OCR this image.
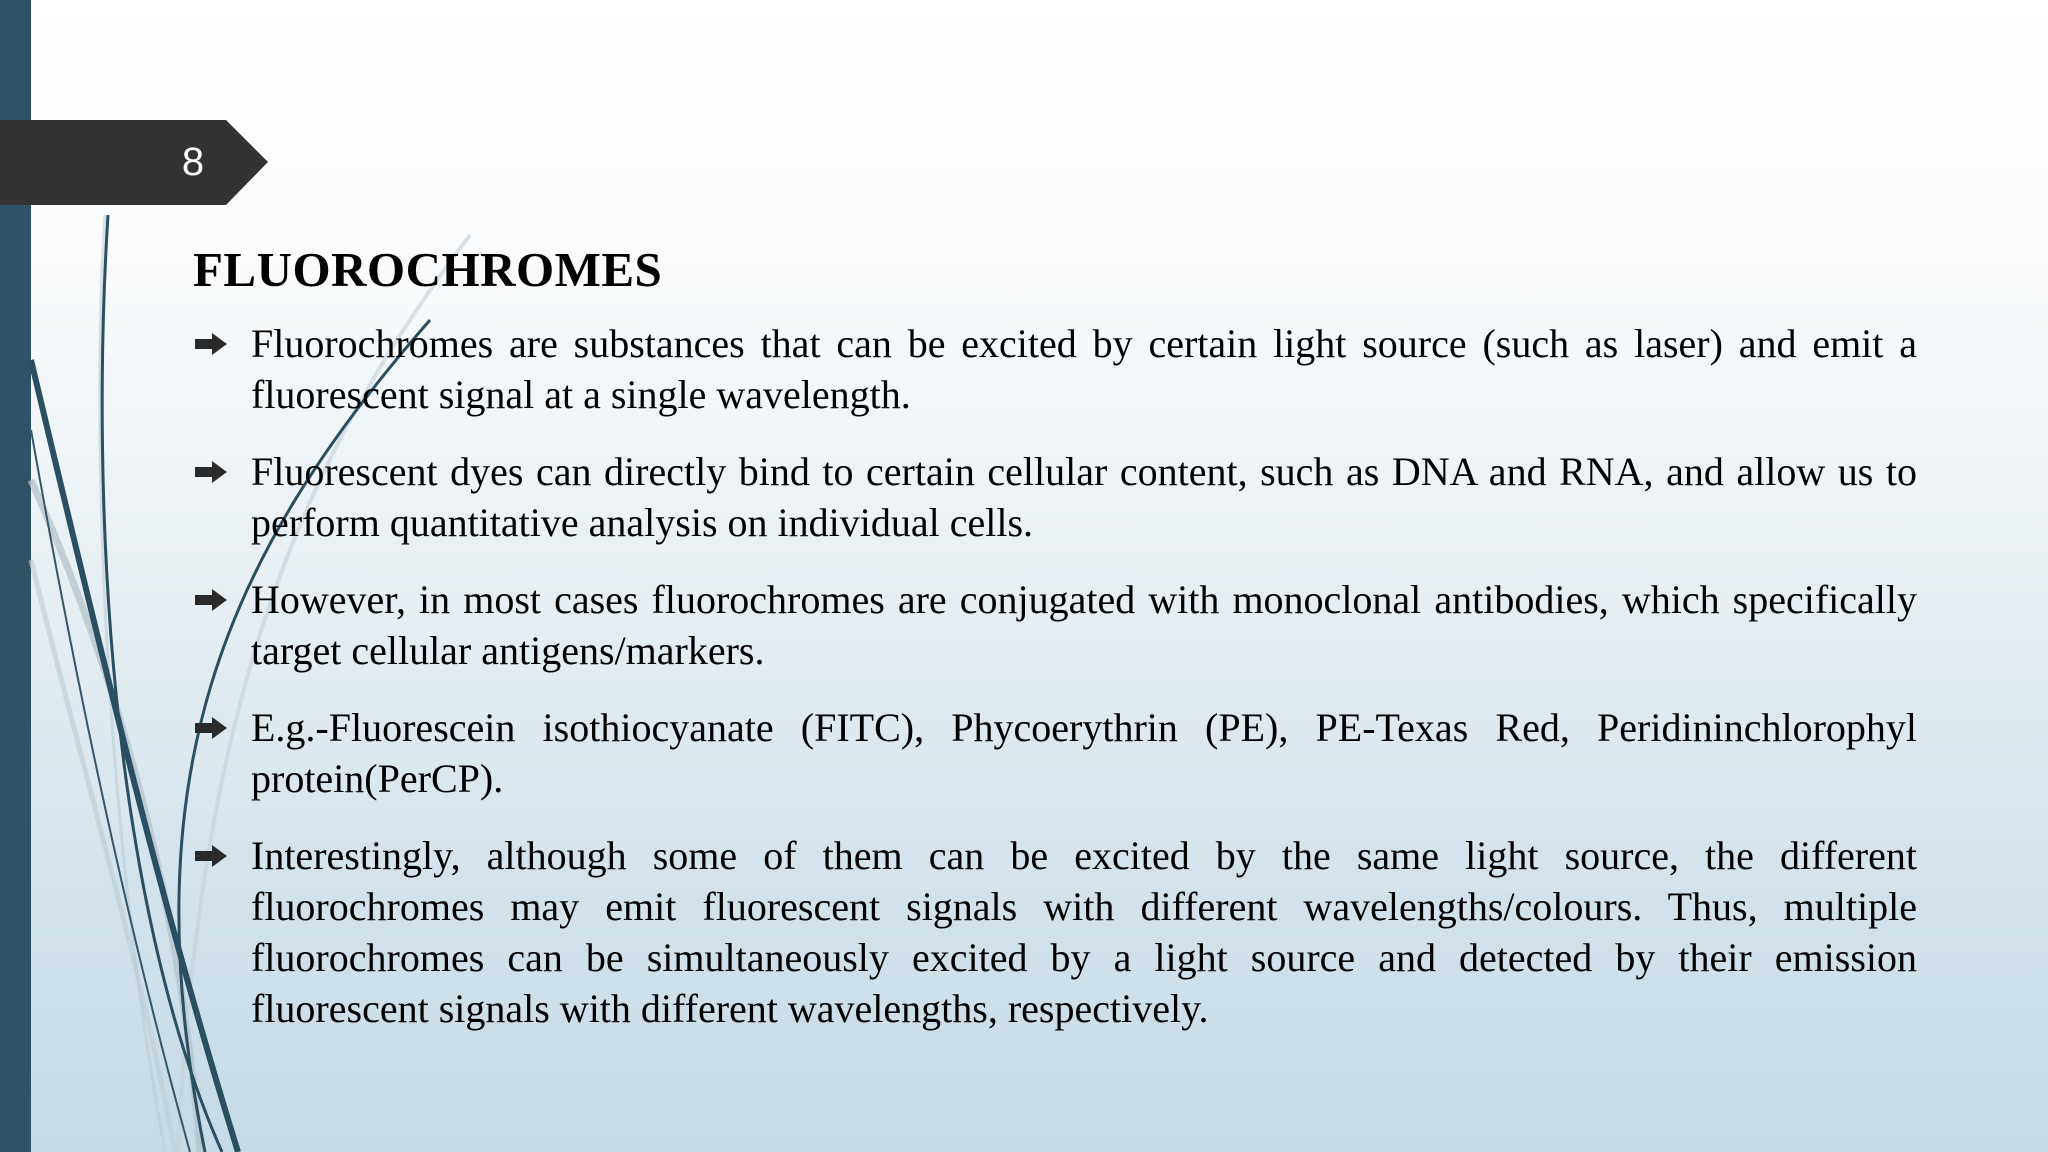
8
FLUOROCHROMES
Fluorochromes are substances that can be excited by certain light source (such as laser) and emit a fluorescent signal at a single wavelength.
Fluorescent dyes can directly bind to certain cellular content, such as DNA and RNA, and allow us to perform quantitative analysis on individual cells.
However, in most cases fluorochromes are conjugated with monoclonal antibodies, which specifically target cellular antigens/markers.
E.g.-Fluorescein isothiocyanate (FITC), Phycoerythrin (PE), PE-Texas Red, Peridininchlorophyl protein(PerCP).
Interestingly, although some of them can be excited by the same light source, the different fluorochromes may emit fluorescent signals with different wavelengths/colours. Thus, multiple fluorochromes can be simultaneously excited by a light source and detected by their emission fluorescent signals with different wavelengths, respectively.
